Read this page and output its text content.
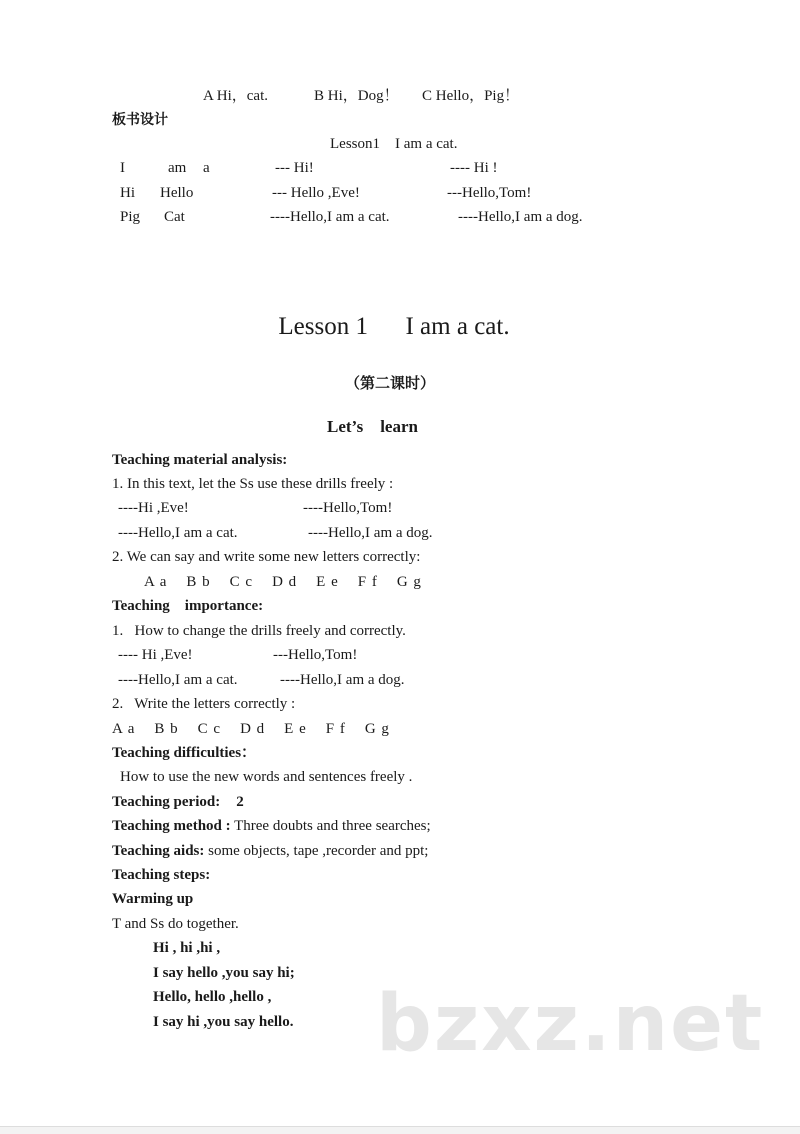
A Hi，cat.	B Hi，Dog！ C Hello，Pig！
板书设计
Lesson1    I am a cat.
I	am a	--- Hi!	---- Hi !
Hi Hello	--- Hello ,Eve!	---Hello,Tom!
Pig Cat	----Hello,I am a cat.	----Hello,I am a dog.
Lesson 1      I am a cat.
（第二课时）
Let’s    learn
Teaching material analysis:
1. In this text, let the Ss use these drills freely :
----Hi ,Eve!	----Hello,Tom!
----Hello,I am a cat.	----Hello,I am a dog.
2. We can say and write some new letters correctly:
A a    B b    C c    D d    E e    F f    G g
Teaching    importance:
1.   How to change the drills freely and correctly.
---- Hi ,Eve!	---Hello,Tom!
----Hello,I am a cat.	----Hello,I am a dog.
2.   Write the letters correctly :
A a    B b    C c    D d    E e    F f    G g
Teaching difficulties：
How to use the new words and sentences freely .
Teaching period: 2
Teaching method : Three doubts and three searches;
Teaching aids: some objects, tape ,recorder and ppt;
Teaching steps:
Warming up
T and Ss do together.
Hi , hi ,hi ,
I say hello ,you say hi;
Hello, hello ,hello ,
I say hi ,you say hello. bzxz.net
